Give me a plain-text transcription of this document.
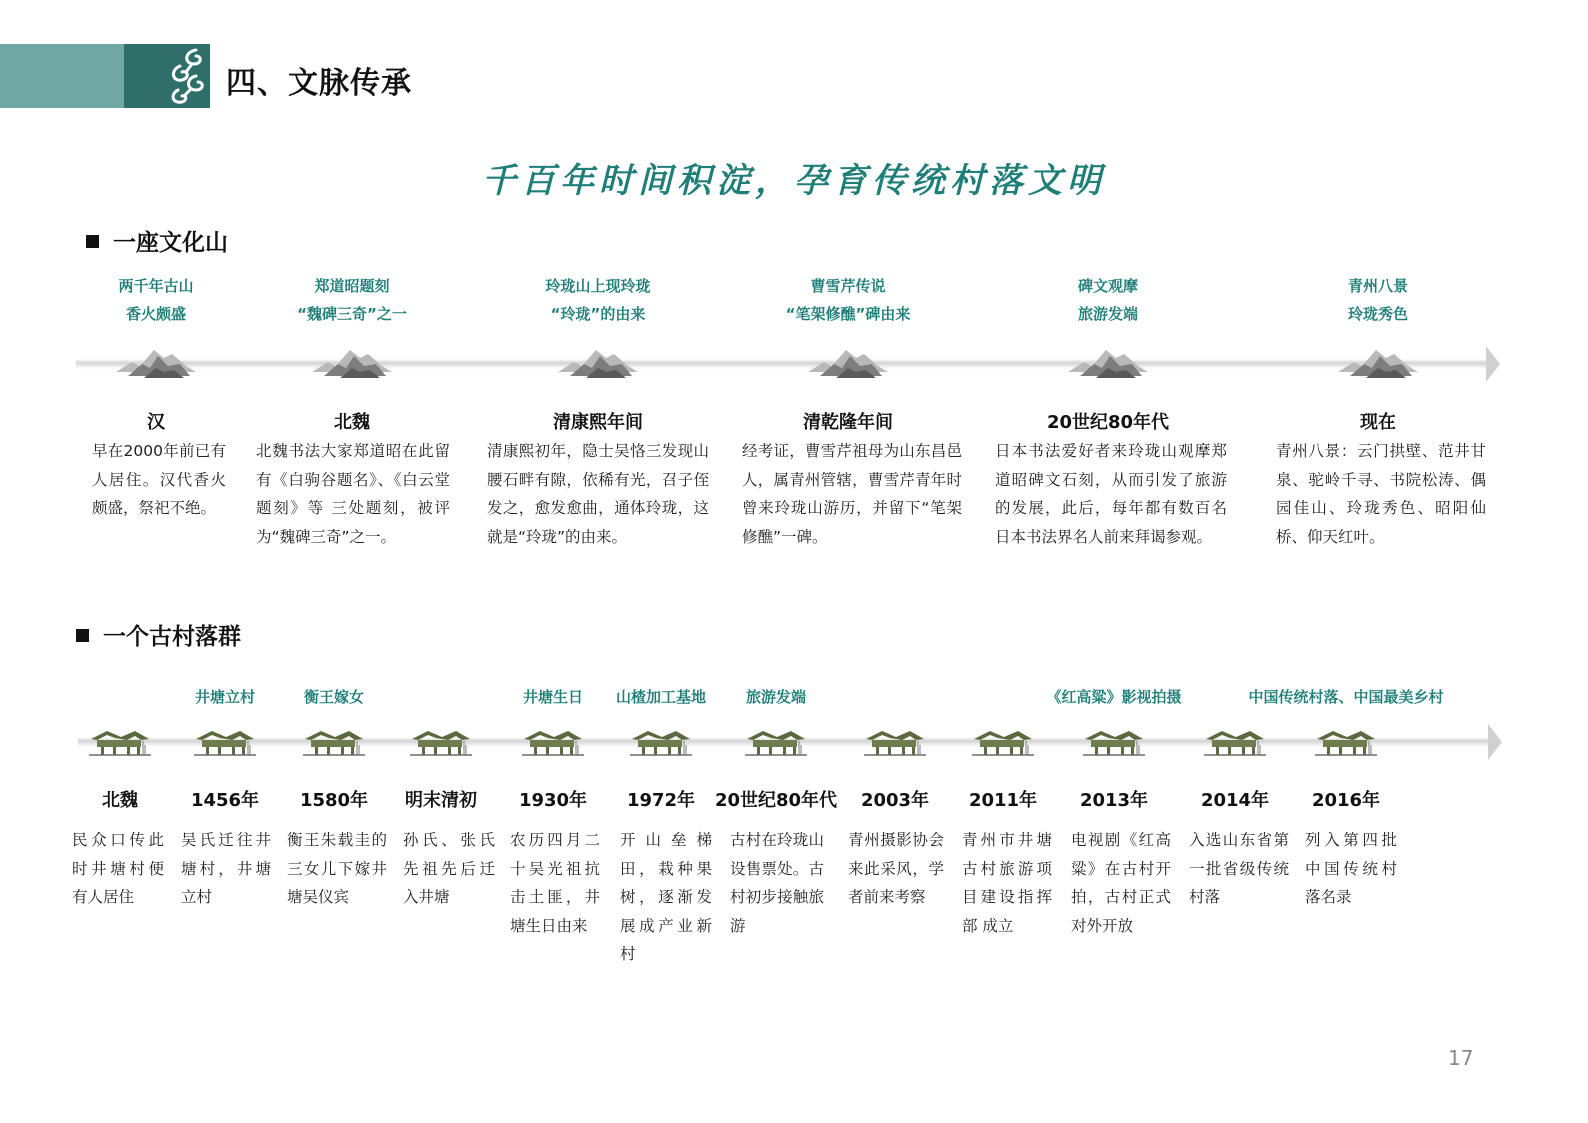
四、文脉传承
千百年时间积淀，孕育传统村落文明
一座文化山
两千年古山
香火颇盛
汉
早在2000年前已有人居住。汉代香火颇盛，祭祀不绝。
郑道昭题刻
“魏碑三奇”之一
北魏
北魏书法大家郑道昭在此留有《白驹谷题名》、《白云堂题刻》等 三处题刻，被评为“魏碑三奇”之一。
玲珑山上现玲珑
“玲珑”的由来
清康熙年间
清康熙初年，隐士吴恪三发现山腰石畔有隙，依稀有光，召子侄发之，愈发愈曲，通体玲珑，这就是“玲珑”的由来。
曹雪芹传说
“笔架修醮”碑由来
清乾隆年间
经考证，曹雪芹祖母为山东昌邑人，属青州管辖，曹雪芹青年时曾来玲珑山游历，并留下“笔架修醮”一碑。
碑文观摩
旅游发端
20世纪80年代
日本书法爱好者来玲珑山观摩郑道昭碑文石刻，从而引发了旅游的发展，此后，每年都有数百名日本书法界名人前来拜谒参观。
青州八景
玲珑秀色
现在
青州八景：云门拱壁、范井甘泉、驼岭千寻、书院松涛、偶园佳山、玲珑秀色、昭阳仙桥、仰天红叶。
一个古村落群
北魏
民众口传此时井塘村便有人居住
井塘立村
1456年
吴氏迁往井塘村，井塘立村
衡王嫁女
1580年
衡王朱载圭的三女儿下嫁井塘吴仪宾
明末清初
孙氏、张氏先祖先后迁入井塘
井塘生日
1930年
农历四月二十吴光祖抗击土匪，井塘生日由来
山楂加工基地
1972年
开山垒梯田，栽种果树，逐渐发展成产业新村
旅游发端
20世纪80年代
古村在玲珑山设售票处。古村初步接触旅游
2003年
青州摄影协会来此采风，学者前来考察
2011年
青州市井塘古村旅游项目建设指挥部 成立
《红高粱》影视拍摄
2013年
电视剧《红高粱》在古村开拍，古村正式对外开放
2014年
入选山东省第一批省级传统村落
中国传统村落、中国最美乡村
2016年
列入第四批中国传统村落名录
17
